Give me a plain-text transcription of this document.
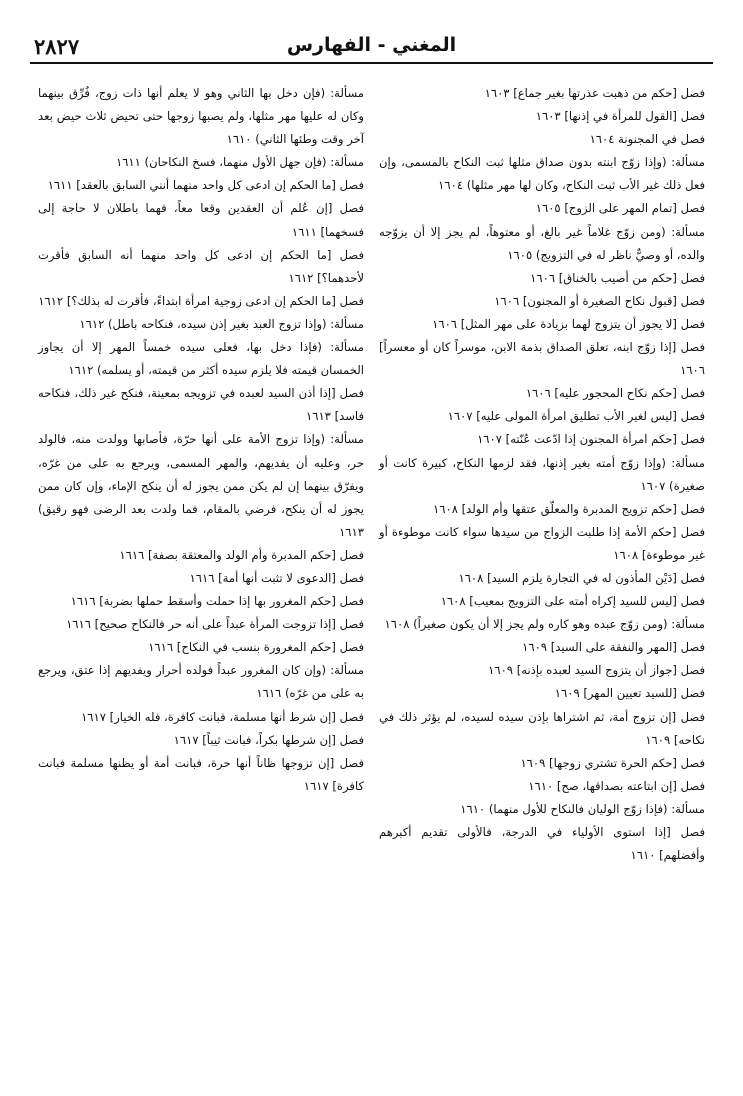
٢٨٢٧	المغني - الفهارس

فصل [حكم من ذهبت عذرتها بغير جماع] ١٦٠٣

فصل [القول للمرأة في إذنها] ١٦٠٣

فصل في المجنونة ١٦٠٤

مسألة: (وإذا زوّج ابنته بدون صداق مثلها ثبت النكاح بالمسمى، وإن فعل ذلك غير الأب ثبت النكاح، وكان لها مهر مثلها) ١٦٠٤

فصل [تمام المهر على الزوج] ١٦٠٥

مسألة: (ومن زوّج غلاماً غير بالغ، أو معتوهاً، لم يجز إلا أن يزوّجه والده، أو وصيٌّ ناظر له في التزويج) ١٦٠٥

فصل [حكم من أصيب بالخناق] ١٦٠٦

فصل [قبول نكاح الصغيرة أو المجنون] ١٦٠٦

فصل [لا يجوز أن يتزوج لهما بزيادة على مهر المثل] ١٦٠٦

فصل [إذا زوّج ابنه، تعلق الصداق بذمة الابن، موسراً كان أو معسراً] ١٦٠٦

فصل [حكم نكاح المحجور عليه] ١٦٠٦

فصل [ليس لغير الأب تطليق امرأة المولى عليه] ١٦٠٧

فصل [حكم امرأة المجنون إذا ادّعت عُنّته] ١٦٠٧

مسألة: (وإذا زوّج أمته بغير إذنها، فقد لزمها النكاح، كبيرة كانت أو صغيرة) ١٦٠٧

فصل [حكم تزويج المدبرة والمعلّق عتقها وأم الولد] ١٦٠٨

فصل [حكم الأمة إذا طلبت الزواج من سيدها سواء كانت موطوءة أو غير موطوءة] ١٦٠٨

فصل [دَيْن المأذون له في التجارة يلزم السيد] ١٦٠٨

فصل [ليس للسيد إكراه أمته على التزويج بمعيب] ١٦٠٨

مسألة: (ومن زوّج عبده وهو كاره ولم يجز إلا أن يكون صغيراً) ١٦٠٨

فصل [المهر والنفقة على السيد] ١٦٠٩

فصل [جواز أن يتزوج السيد لعبده بإذنه] ١٦٠٩

فصل [للسيد تعيين المهر] ١٦٠٩

فصل [إن تزوج أمة، ثم اشتراها بإذن سيده لسيده، لم يؤثر ذلك في نكاحه] ١٦٠٩

فصل [حكم الحرة تشتري زوجها] ١٦٠٩

فصل [إن ابتاعته بصداقها، صح] ١٦١٠

مسألة: (فإذا زوّج الوليان فالنكاح للأول منهما) ١٦١٠

فصل [إذا استوى الأولياء في الدرجة، فالأولى تقديم أكبرهم وأفضلهم] ١٦١٠

مسألة: (فإن دخل بها الثاني وهو لا يعلم أنها ذات زوج، فُرِّق بينهما وكان له عليها مهر مثلها، ولم يصبها زوجها حتى تحيض ثلاث حيض بعد آخر وقت وطئها الثاني) ١٦١٠

مسألة: (فإن جهل الأول منهما، فسخ النكاحان) ١٦١١

فصل [ما الحكم إن ادعى كل واحد منهما أنني السابق بالعقد] ١٦١١

فصل [إن عُلم أن العقدين وقعا معاً، فهما باطلان لا حاجة إلى فسخهما] ١٦١١

فصل [ما الحكم إن ادعى كل واحد منهما أنه السابق فأقرت لأحدهما؟] ١٦١٢

فصل [ما الحكم إن ادعى زوجية امرأة ابتداءً، فأقرت له بذلك؟] ١٦١٢

مسألة: (وإذا تزوج العبد بغير إذن سيده، فنكاحه باطل) ١٦١٢

مسألة: (فإذا دخل بها، فعلى سيده خمساً المهر إلا أن يجاوز الخمسان قيمته فلا يلزم سيده أكثر من قيمته، أو يسلمه) ١٦١٢

فصل [إذا أذن السيد لعبده في تزويجه بمعينة، فنكح غير ذلك، فنكاحه فاسد] ١٦١٣

مسألة: (وإذا تزوج الأمة على أنها حرّة، فأصابها وولدت منه، فالولد حر، وعليه أن يفديهم، والمهر المسمى، ويرجع به على من غرّه، ويفرّق بينهما إن لم يكن ممن يجوز له أن ينكح الإماء، وإن كان ممن يجوز له أن ينكح، فرضي بالمقام، فما ولدت بعد الرضى فهو رقيق) ١٦١٣

فصل [حكم المدبرة وأم الولد والمعتقة بصفة] ١٦١٦

فصل [الدعوى لا تثبت أنها أمة] ١٦١٦

فصل [حكم المغرور بها إذا حملت وأسقط حملها بضربة] ١٦١٦

فصل [إذا تزوجت المرأة عبداً على أنه حر فالنكاح صحيح] ١٦١٦

فصل [حكم المغرورة بنسب في النكاح] ١٦١٦

مسألة: (وإن كان المغرور عبداً فولده أحرار ويفديهم إذا عتق، ويرجع به على من غرّه) ١٦١٦

فصل [إن شرط أنها مسلمة، فبانت كافرة، فله الخيار] ١٦١٧

فصل [إن شرطها بكراً، فبانت ثيباً] ١٦١٧

فصل [إن تزوجها ظاناً أنها حرة، فبانت أمة أو يظنها مسلمة فبانت كافرة] ١٦١٧
